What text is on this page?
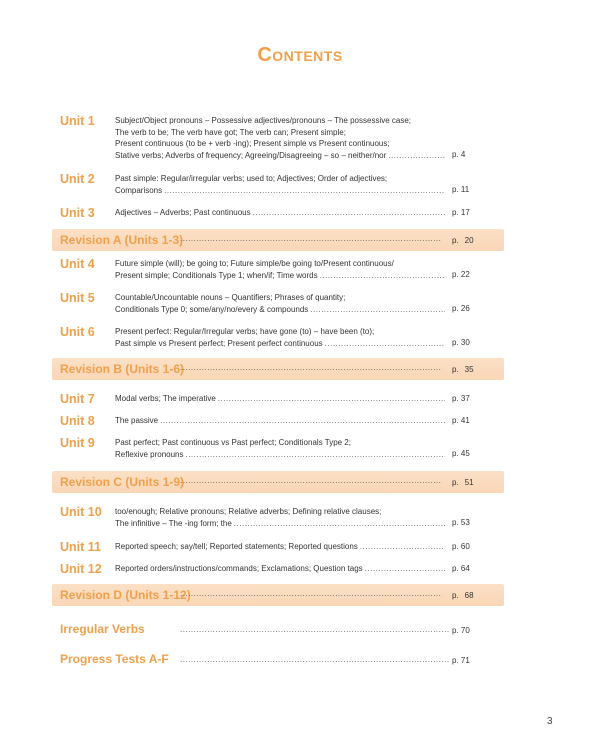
Contents
Unit 1	Subject/Object pronouns – Possessive adjectives/pronouns – The possessive case;
The verb to be; The verb have got; The verb can; Present simple;
Present continuous (to be + verb -ing); Present simple vs Present continuous;
Stative verbs; Adverbs of frequency; Agreeing/Disagreeing – so – neither/nor .....	p. 4
Unit 2	Past simple: Regular/irregular verbs; used to; Adjectives; Order of adjectives;
Comparisons .....	p. 11
Unit 3	Adjectives – Adverbs; Past continuous .....	p. 17
Revision A (Units 1-3) .....	p. 20
Unit 4	Future simple (will); be going to; Future simple/be going to/Present continuous/
Present simple; Conditionals Type 1; when/if; Time words .....	p. 22
Unit 5	Countable/Uncountable nouns – Quantifiers; Phrases of quantity;
Conditionals Type 0; some/any/no/every & compounds .....	p. 26
Unit 6	Present perfect: Regular/Irregular verbs; have gone (to) – have been (to);
Past simple vs Present perfect; Present perfect continuous .....	p. 30
Revision B (Units 1-6) .....	p. 35
Unit 7	Modal verbs; The imperative .....	p. 37
Unit 8	The passive .....	p. 41
Unit 9	Past perfect; Past continuous vs Past perfect; Conditionals Type 2;
Reflexive pronouns .....	p. 45
Revision C (Units 1-9) .....	p. 51
Unit 10 too/enough; Relative pronouns; Relative adverbs; Defining relative clauses;
The infinitive – The -ing form; the .....	p. 53
Unit 11 Reported speech; say/tell; Reported statements; Reported questions .....	p. 60
Unit 12 Reported orders/instructions/commands; Exclamations; Question tags .....	p. 64
Revision D (Units 1-12) .....	p. 68
Irregular Verbs .....	p. 70
Progress Tests A-F .....	p. 71
3
